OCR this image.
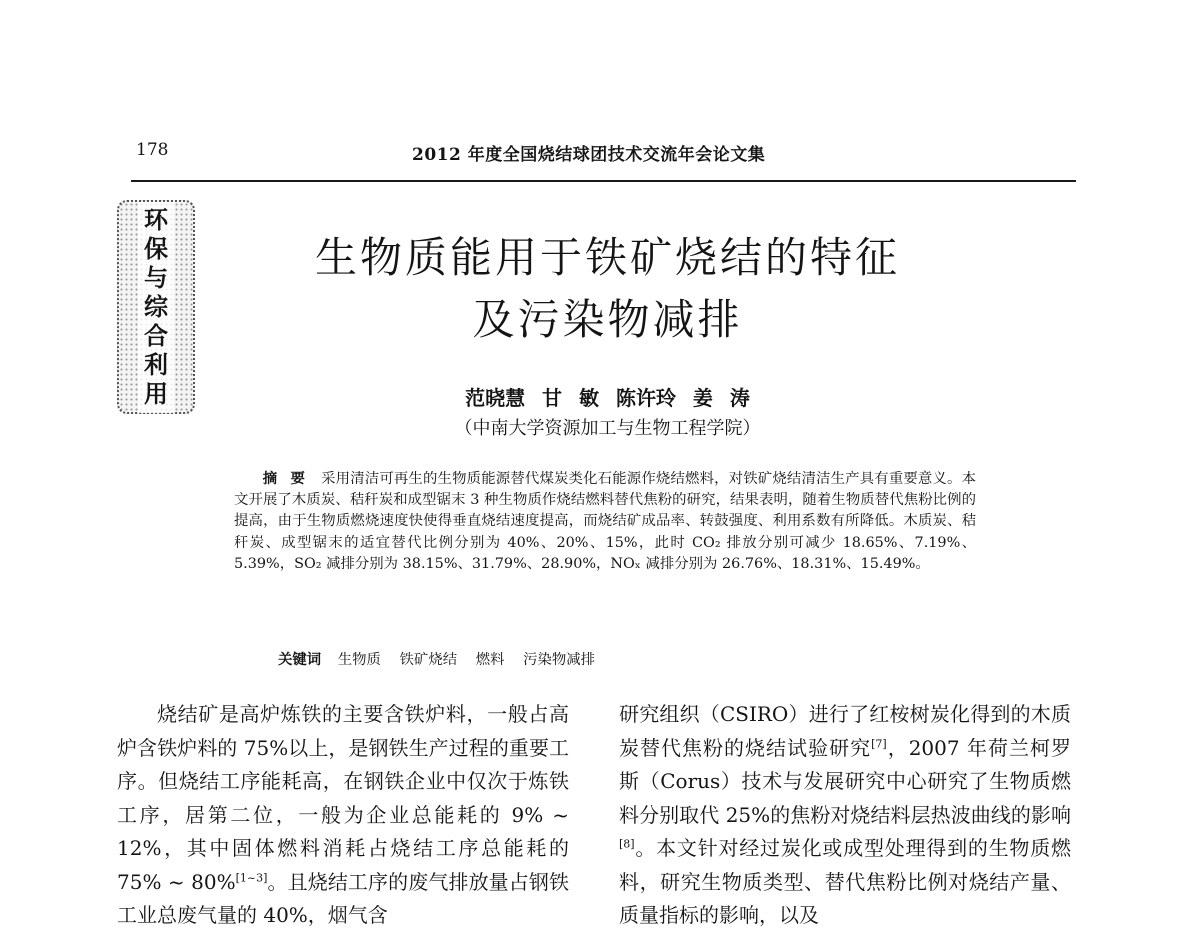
178	2012 年度全国烧结球团技术交流年会论文集
环保与综合利用
生物质能用于铁矿烧结的特征
及污染物减排
范晓慧 甘 敏 陈许玲 姜 涛
（中南大学资源加工与生物工程学院）
摘 要 采用清洁可再生的生物质能源替代煤炭类化石能源作烧结燃料，对铁矿烧结清洁生产具有重要意义。本文开展了木质炭、秸秆炭和成型锯末 3 种生物质作烧结燃料替代焦粉的研究，结果表明，随着生物质替代焦粉比例的提高，由于生物质燃烧速度快使得垂直烧结速度提高，而烧结矿成品率、转鼓强度、利用系数有所降低。木质炭、秸秆炭、成型锯末的适宜替代比例分别为 40%、20%、15%，此时 CO₂ 排放分别可减少 18.65%、7.19%、5.39%，SO₂ 减排分别为 38.15%、31.79%、28.90%，NOₓ 减排分别为 26.76%、18.31%、15.49%。
关键词 生物质 铁矿烧结 燃料 污染物减排
烧结矿是高炉炼铁的主要含铁炉料，一般占高炉含铁炉料的 75%以上，是钢铁生产过程的重要工序。但烧结工序能耗高，在钢铁企业中仅次于炼铁工序，居第二位，一般为企业总能耗的 9% ~ 12%，其中固体燃料消耗占烧结工序总能耗的 75% ~ 80%[1~3]。且烧结工序的废气排放量占钢铁工业总废气量的 40%，烟气含
研究组织（CSIRO）进行了红桉树炭化得到的木质炭替代焦粉的烧结试验研究[7]，2007 年荷兰柯罗斯（Corus）技术与发展研究中心研究了生物质燃料分别取代 25%的焦粉对烧结料层热波曲线的影响[8]。本文针对经过炭化或成型处理得到的生物质燃料，研究生物质类型、替代焦粉比例对烧结产量、质量指标的影响，以及
